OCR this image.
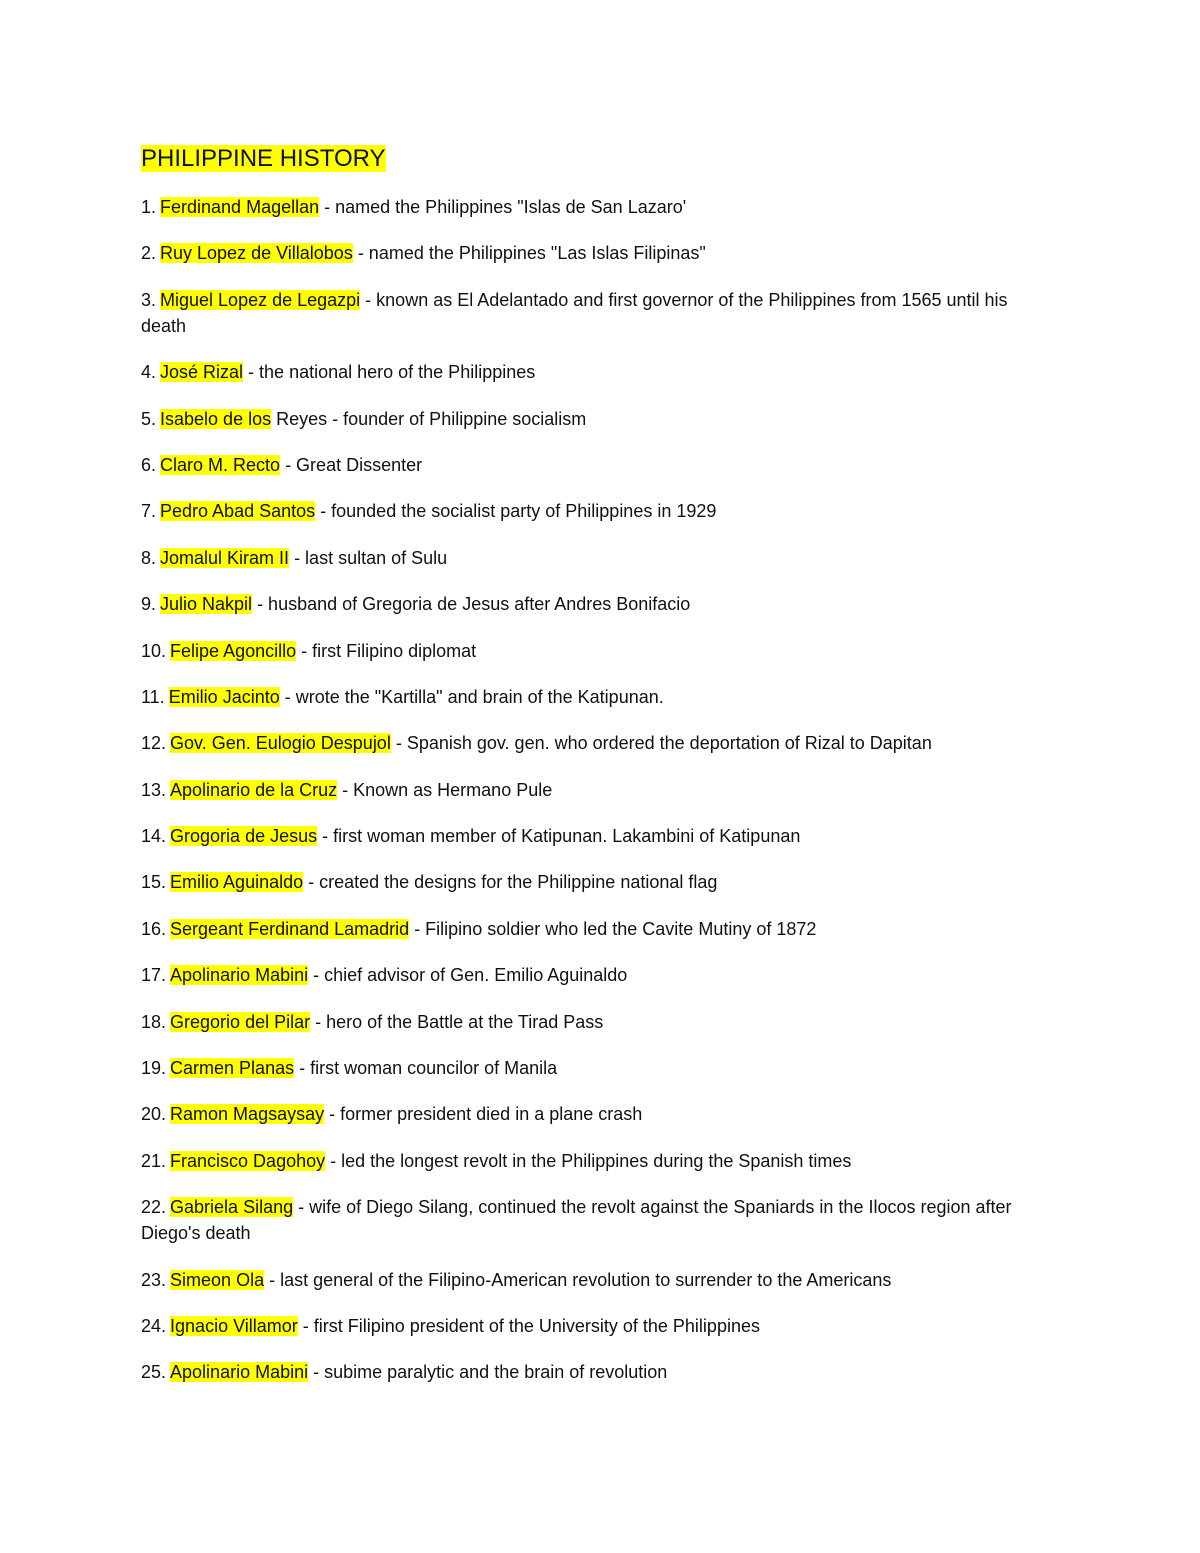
PHILIPPINE HISTORY
1. Ferdinand Magellan - named the Philippines "Islas de San Lazaro'
2. Ruy Lopez de Villalobos - named the Philippines "Las Islas Filipinas"
3. Miguel Lopez de Legazpi - known as El Adelantado and first governor of the Philippines from 1565 until his death
4. José Rizal - the national hero of the Philippines
5. Isabelo de los Reyes - founder of Philippine socialism
6. Claro M. Recto - Great Dissenter
7. Pedro Abad Santos - founded the socialist party of Philippines in 1929
8. Jomalul Kiram II - last sultan of Sulu
9. Julio Nakpil - husband of Gregoria de Jesus after Andres Bonifacio
10. Felipe Agoncillo - first Filipino diplomat
11. Emilio Jacinto - wrote the "Kartilla" and brain of the Katipunan.
12. Gov. Gen. Eulogio Despujol - Spanish gov. gen. who ordered the deportation of Rizal to Dapitan
13. Apolinario de la Cruz - Known as Hermano Pule
14. Grogoria de Jesus - first woman member of Katipunan. Lakambini of Katipunan
15. Emilio Aguinaldo - created the designs for the Philippine national flag
16. Sergeant Ferdinand Lamadrid - Filipino soldier who led the Cavite Mutiny of 1872
17. Apolinario Mabini - chief advisor of Gen. Emilio Aguinaldo
18. Gregorio del Pilar - hero of the Battle at the Tirad Pass
19. Carmen Planas - first woman councilor of Manila
20. Ramon Magsaysay - former president died in a plane crash
21. Francisco Dagohoy - led the longest revolt in the Philippines during the Spanish times
22. Gabriela Silang - wife of Diego Silang, continued the revolt against the Spaniards in the Ilocos region after Diego's death
23. Simeon Ola - last general of the Filipino-American revolution to surrender to the Americans
24. Ignacio Villamor - first Filipino president of the University of the Philippines
25. Apolinario Mabini - subime paralytic and the brain of revolution
